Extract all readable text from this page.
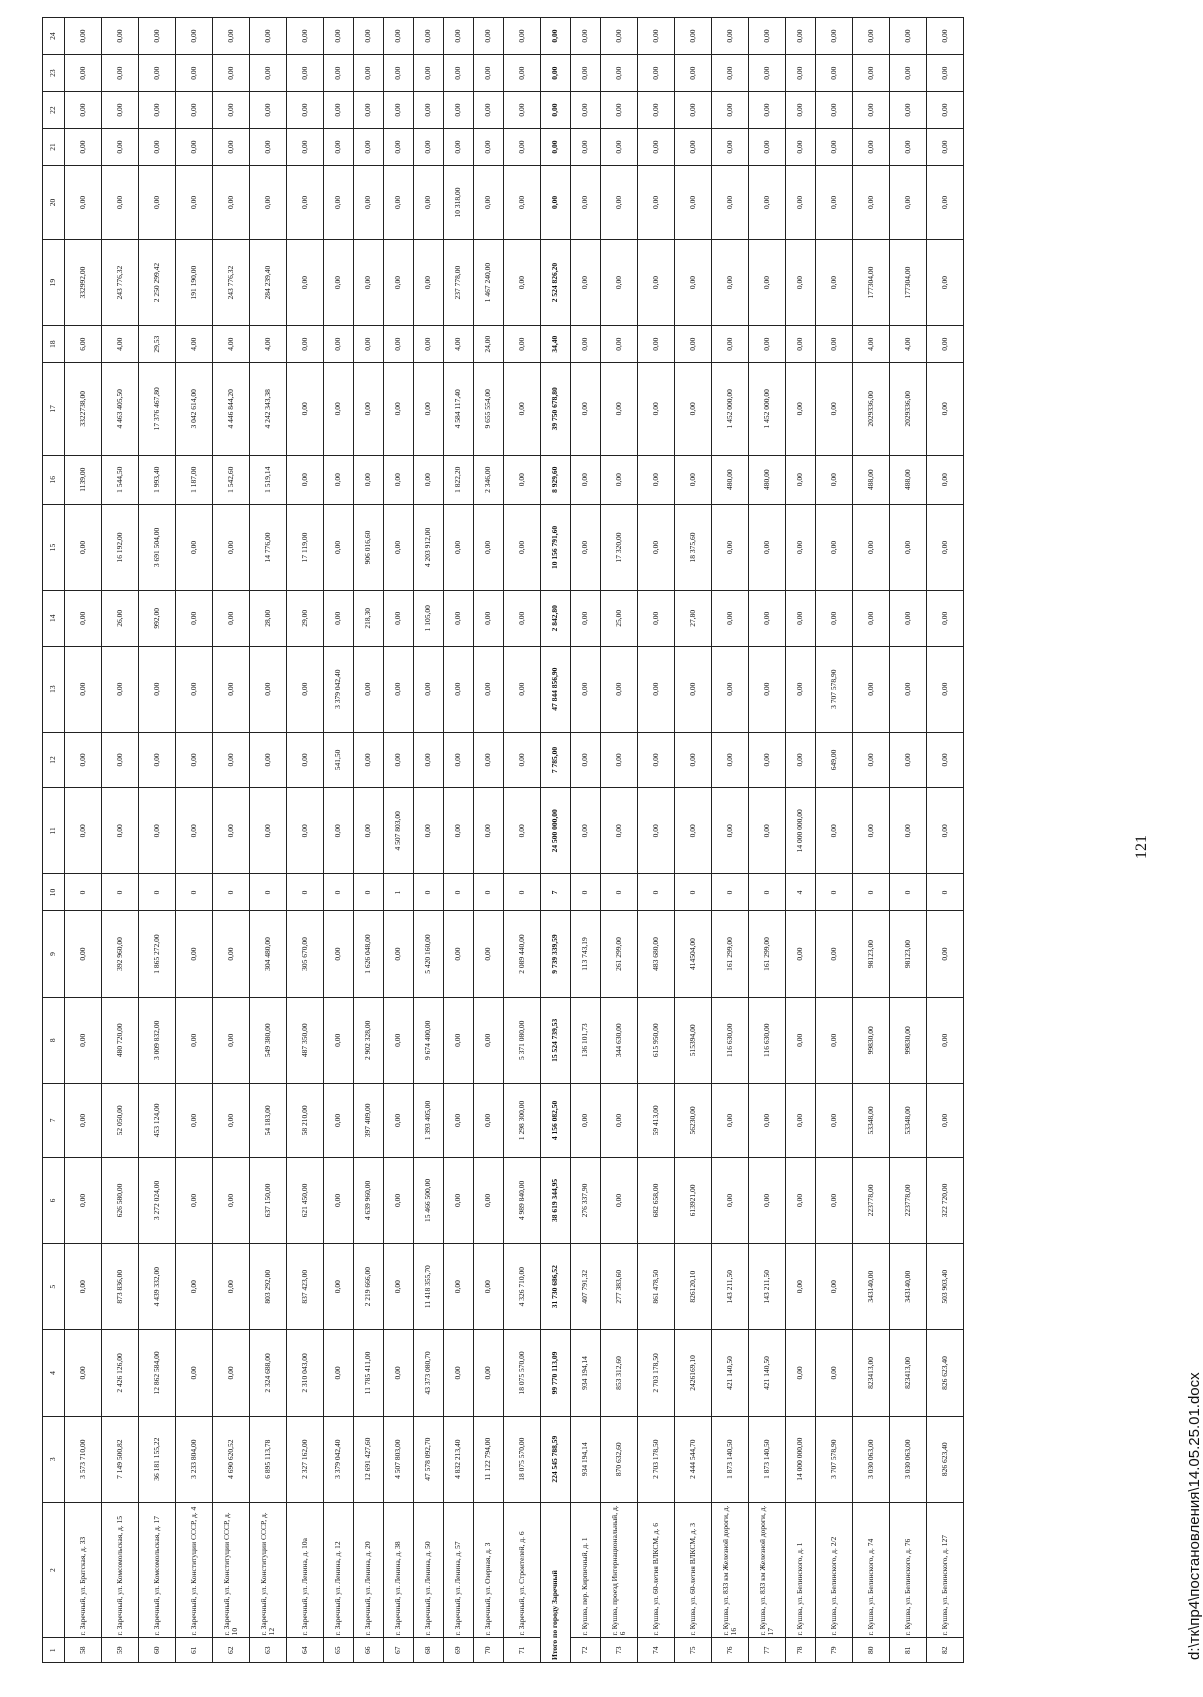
1	2	3	4	5	6	7	8	9	10	11	12	13	14	15	16	17	18	19	20	21	22	23	24
58	г. Заречный, ул. Братская, д. 33	3 573 710,00	0,00	0,00	0,00	0,00	0,00	0,00	0	0,00	0,00	0,00	0,00	0,00	1139,00	3322738,00	6,00	332992,00	0,00	0,00	0,00	0,00	0,00
59	г. Заречный, ул. Комсомольская, д. 15	7 149 500,82	2 426 126,00	873 836,00	626 580,00	52 050,00	480 720,00	392 960,00	0	0,00	0,00	0,00	26,00	16 192,00	1 544,50	4 463 405,50	4,00	243 776,32	0,00	0,00	0,00	0,00	0,00
60	г. Заречный, ул. Комсомольская, д. 17	36 181 155,22	12 862 584,00	4 439 332,00	3 272 024,00	453 124,00	3 009 832,00	1 865 272,00	0	0,00	0,00	0,00	992,00	3 691 504,00	1 993,40	17 376 467,80	29,53	2 250 299,42	0,00	0,00	0,00	0,00	0,00
61	г. Заречный, ул. Конституции СССР, д. 4	3 233 804,00	0,00	0,00	0,00	0,00	0,00	0,00	0	0,00	0,00	0,00	0,00	0,00	1 187,00	3 042 614,00	4,00	191 190,00	0,00	0,00	0,00	0,00	0,00
62	г. Заречный, ул. Конституции СССР, д. 10	4 690 620,52	0,00	0,00	0,00	0,00	0,00	0,00	0	0,00	0,00	0,00	0,00	0,00	1 542,60	4 446 844,20	4,00	243 776,32	0,00	0,00	0,00	0,00	0,00
63	г. Заречный, ул. Конституции СССР, д. 12	6 895 113,78	2 324 688,00	803 292,00	637 150,00	54 183,00	549 380,00	304 480,00	0	0,00	0,00	0,00	28,00	14 776,00	1 519,14	4 242 343,38	4,00	284 239,40	0,00	0,00	0,00	0,00	0,00
64	г. Заречный, ул. Ленина, д. 10а	2 327 162,00	2 310 043,00	837 423,00	621 450,00	58 210,00	487 350,00	305 670,00	0	0,00	0,00	0,00	29,00	17 119,00	0,00	0,00	0,00	0,00	0,00	0,00	0,00	0,00	0,00
65	г. Заречный, ул. Ленина, д. 12	3 379 042,40	0,00	0,00	0,00	0,00	0,00	0,00	0	0,00	541,50	3 379 042,40	0,00	0,00	0,00	0,00	0,00	0,00	0,00	0,00	0,00	0,00	0,00
66	г. Заречный, ул. Ленина, д. 20	12 691 427,60	11 785 411,00	2 219 666,00	4 639 960,00	397 409,00	2 902 328,00	1 626 048,00	0	0,00	0,00	0,00	218,30	906 016,60	0,00	0,00	0,00	0,00	0,00	0,00	0,00	0,00	0,00
67	г. Заречный, ул. Ленина, д. 38	4 507 803,00	0,00	0,00	0,00	0,00	0,00	0,00	1	4 507 803,00	0,00	0,00	0,00	0,00	0,00	0,00	0,00	0,00	0,00	0,00	0,00	0,00	0,00
68	г. Заречный, ул. Ленина, д. 50	47 578 092,70	43 373 080,70	11 418 355,70	15 466 500,00	1 393 405,00	9 674 400,00	5 420 160,00	0	0,00	0,00	0,00	1 105,00	4 203 912,00	0,00	0,00	0,00	0,00	0,00	0,00	0,00	0,00	0,00
69	г. Заречный, ул. Ленина, д. 57	4 832 213,40	0,00	0,00	0,00	0,00	0,00	0,00	0	0,00	0,00	0,00	0,00	0,00	1 822,20	4 584 117,40	4,00	237 778,00	10 318,00	0,00	0,00	0,00	0,00
70	г. Заречный, ул. Озерная, д. 3	11 122 794,00	0,00	0,00	0,00	0,00	0,00	0,00	0	0,00	0,00	0,00	0,00	0,00	2 346,00	9 655 554,00	24,00	1 467 240,00	0,00	0,00	0,00	0,00	0,00
71	г. Заречный, ул. Строителей, д. 6	18 075 570,00	18 075 570,00	4 326 710,00	4 989 840,00	1 298 300,00	5 371 080,00	2 089 440,00	0	0,00	0,00	0,00	0,00	0,00	0,00	0,00	0,00	0,00	0,00	0,00	0,00	0,00	0,00
Итого по городу Заречный		224 545 788,59	99 770 113,09	31 730 686,52	38 619 344,95	4 156 082,50	15 524 739,53	9 739 339,59	7	24 500 000,00	7 785,00	47 844 856,90	2 842,80	10 156 791,60	8 929,60	39 750 678,80	34,40	2 524 826,20	0,00	0,00	0,00	0,00	0,00
72	г. Кушва, пер. Кирпичный, д. 1	934 194,14	934 194,14	407 791,32	276 337,90	0,00	136 101,73	113 743,19	0	0,00	0,00	0,00	0,00	0,00	0,00	0,00	0,00	0,00	0,00	0,00	0,00	0,00	0,00
73	г. Кушва, проезд Интернациональный, д. 6	870 632,60	853 312,60	277 383,60	0,00	0,00	344 630,00	261 299,00	0	0,00	0,00	0,00	25,00	17 320,00	0,00	0,00	0,00	0,00	0,00	0,00	0,00	0,00	0,00
74	г. Кушва, ул. 60-летия ВЛКСМ, д. 6	2 703 178,50	2 703 178,50	861 478,50	682 658,00	59 413,00	615 950,00	483 680,00	0	0,00	0,00	0,00	0,00	0,00	0,00	0,00	0,00	0,00	0,00	0,00	0,00	0,00	0,00
75	г. Кушва, ул. 60-летия ВЛКСМ, д. 3	2 444 544,70	2426169,10	826120,10	613921,00	56230,00	515394,00	414504,00	0	0,00	0,00	0,00	27,80	18 375,60	0,00	0,00	0,00	0,00	0,00	0,00	0,00	0,00	0,00
76	г. Кушва, ул. 833 км Железной дороги, д. 16	1 873 140,50	421 140,50	143 211,50	0,00	0,00	116 630,00	161 299,00	0	0,00	0,00	0,00	0,00	0,00	480,00	1 452 000,00	0,00	0,00	0,00	0,00	0,00	0,00	0,00
77	г. Кушва, ул. 833 км Железной дороги, д. 17	1 873 140,50	421 140,50	143 211,50	0,00	0,00	116 630,00	161 299,00	0	0,00	0,00	0,00	0,00	0,00	480,00	1 452 000,00	0,00	0,00	0,00	0,00	0,00	0,00	0,00
78	г. Кушва, ул. Белинского, д. 1	14 000 000,00	0,00	0,00	0,00	0,00	0,00	0,00	4	14 000 000,00	0,00	0,00	0,00	0,00	0,00	0,00	0,00	0,00	0,00	0,00	0,00	0,00	0,00
79	г. Кушва, ул. Белинского, д. 2/2	3 707 578,90	0,00	0,00	0,00	0,00	0,00	0,00	0	0,00	649,00	3 707 578,90	0,00	0,00	0,00	0,00	0,00	0,00	0,00	0,00	0,00	0,00	0,00
80	г. Кушва, ул. Белинского, д. 74	3 030 063,00	823413,00	343140,00	223778,00	53348,00	99830,00	98123,00	0	0,00	0,00	0,00	0,00	0,00	488,00	2029336,00	4,00	177304,00	0,00	0,00	0,00	0,00	0,00
81	г. Кушва, ул. Белинского, д. 76	3 030 063,00	823413,00	343140,00	223778,00	53348,00	99830,00	98123,00	0	0,00	0,00	0,00	0,00	0,00	488,00	2029336,00	4,00	177304,00	0,00	0,00	0,00	0,00	0,00
82	г. Кушва, ул. Белинского, д. 127	826 623,40	826 623,40	503 903,40	322 720,00	0,00	0,00	0,00	0	0,00	0,00	0,00	0,00	0,00	0,00	0,00	0,00	0,00	0,00	0,00	0,00	0,00	0,00
121
d:\тк\пр4\постановления\14.05.25.01.docx
